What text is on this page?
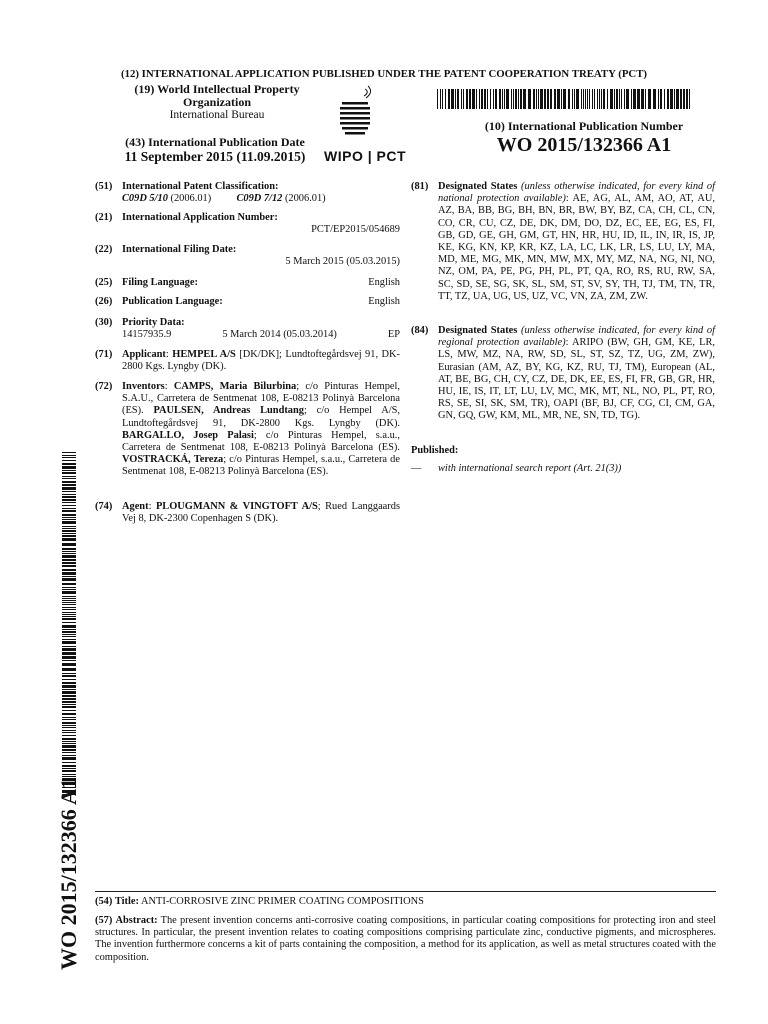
(12) INTERNATIONAL APPLICATION PUBLISHED UNDER THE PATENT COOPERATION TREATY (PCT)
(19) World Intellectual Property
Organization
International Bureau
WIPO | PCT
(43) International Publication Date
11 September 2015 (11.09.2015)
(10) International Publication Number
WO 2015/132366 A1
(51) International Patent Classification:
C09D 5/10 (2006.01) C09D 7/12 (2006.01)
(21) International Application Number:
PCT/EP2015/054689
(22) International Filing Date:
5 March 2015 (05.03.2015)
(25) Filing Language:	English
(26) Publication Language:	English
(30) Priority Data:
14157935.9	5 March 2014 (05.03.2014)	EP
(71) Applicant: HEMPEL A/S [DK/DK]; Lundtoftegårdsvej 91, DK-2800 Kgs. Lyngby (DK).
(72) Inventors: CAMPS, Maria Bilurbina; c/o Pinturas Hempel, S.A.U., Carretera de Sentmenat 108, E-08213 Polinyà Barcelona (ES). PAULSEN, Andreas Lundtang; c/o Hempel A/S, Lundtoftegårdsvej 91, DK-2800 Kgs. Lyngby (DK). BARGALLO, Josep Palasi; c/o Pinturas Hempel, s.a.u., Carretera de Sentmenat 108, E-08213 Polinyà Barcelona (ES). VOSTRACKÁ, Tereza; c/o Pinturas Hempel, s.a.u., Carretera de Sentmenat 108, E-08213 Polinyà Barcelona (ES).
(74) Agent: PLOUGMANN & VINGTOFT A/S; Rued Langgaards Vej 8, DK-2300 Copenhagen S (DK).
(81) Designated States (unless otherwise indicated, for every kind of national protection available): AE, AG, AL, AM, AO, AT, AU, AZ, BA, BB, BG, BH, BN, BR, BW, BY, BZ, CA, CH, CL, CN, CO, CR, CU, CZ, DE, DK, DM, DO, DZ, EC, EE, EG, ES, FI, GB, GD, GE, GH, GM, GT, HN, HR, HU, ID, IL, IN, IR, IS, JP, KE, KG, KN, KP, KR, KZ, LA, LC, LK, LR, LS, LU, LY, MA, MD, ME, MG, MK, MN, MW, MX, MY, MZ, NA, NG, NI, NO, NZ, OM, PA, PE, PG, PH, PL, PT, QA, RO, RS, RU, RW, SA, SC, SD, SE, SG, SK, SL, SM, ST, SV, SY, TH, TJ, TM, TN, TR, TT, TZ, UA, UG, US, UZ, VC, VN, ZA, ZM, ZW.
(84) Designated States (unless otherwise indicated, for every kind of regional protection available): ARIPO (BW, GH, GM, KE, LR, LS, MW, MZ, NA, RW, SD, SL, ST, SZ, TZ, UG, ZM, ZW), Eurasian (AM, AZ, BY, KG, KZ, RU, TJ, TM), European (AL, AT, BE, BG, CH, CY, CZ, DE, DK, EE, ES, FI, FR, GB, GR, HR, HU, IE, IS, IT, LT, LU, LV, MC, MK, MT, NL, NO, PL, PT, RO, RS, SE, SI, SK, SM, TR), OAPI (BF, BJ, CF, CG, CI, CM, GA, GN, GQ, GW, KM, ML, MR, NE, SN, TD, TG).
Published:
—	with international search report (Art. 21(3))
WO 2015/132366 A1 (54) Title: ANTI-CORROSIVE ZINC PRIMER COATING COMPOSITIONS
(57) Abstract: The present invention concerns anti-corrosive coating compositions, in particular coating compositions for protecting iron and steel structures. In particular, the present invention relates to coating compositions comprising particulate zinc, conductive pigments, and microspheres. The invention furthermore concerns a kit of parts containing the composition, a method for its application, as well as metal structures coated with the composition.
